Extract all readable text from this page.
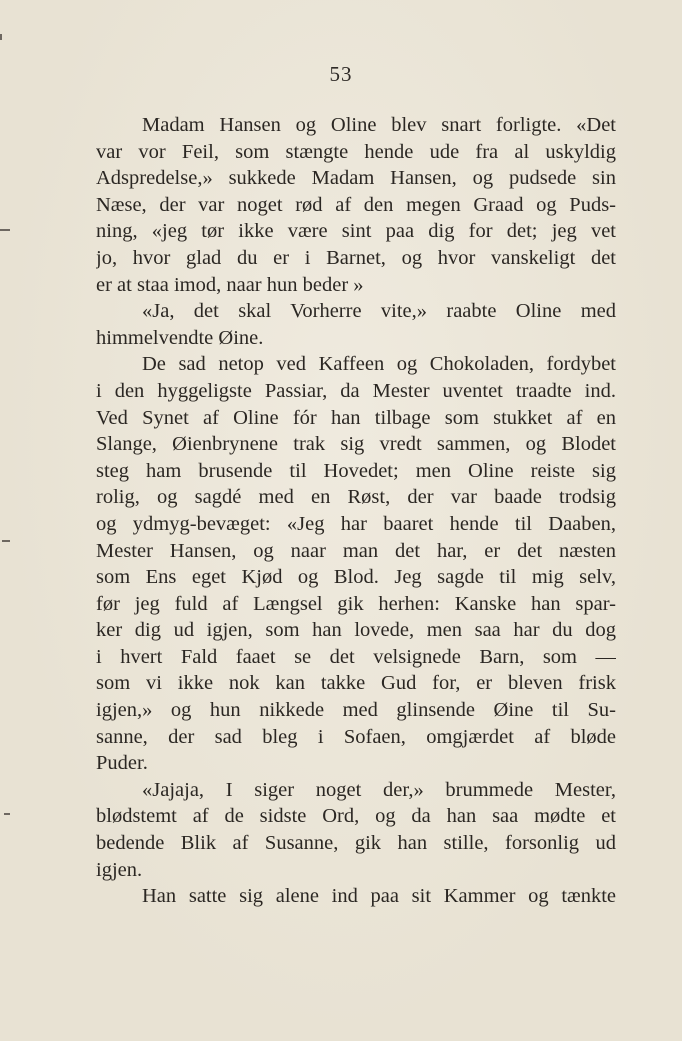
53
Madam Hansen og Oline blev snart forligte. «Det
var vor Feil, som stængte hende ude fra al uskyldig
Adspredelse,» sukkede Madam Hansen, og pudsede sin
Næse, der var noget rød af den megen Graad og Puds-
ning, «jeg tør ikke være sint paa dig for det; jeg vet
jo, hvor glad du er i Barnet, og hvor vanskeligt det
er at staa imod, naar hun beder »
«Ja, det skal Vorherre vite,» raabte Oline med
himmelvendte Øine.
De sad netop ved Kaffeen og Chokoladen, fordybet
i den hyggeligste Passiar, da Mester uventet traadte ind.
Ved Synet af Oline fór han tilbage som stukket af en
Slange, Øienbrynene trak sig vredt sammen, og Blodet
steg ham brusende til Hovedet; men Oline reiste sig
rolig, og sagdé med en Røst, der var baade trodsig
og ydmyg-bevæget: «Jeg har baaret hende til Daaben,
Mester Hansen, og naar man det har, er det næsten
som Ens eget Kjød og Blod. Jeg sagde til mig selv,
før jeg fuld af Længsel gik herhen: Kanske han spar-
ker dig ud igjen, som han lovede, men saa har du dog
i hvert Fald faaet se det velsignede Barn, som —
som vi ikke nok kan takke Gud for, er bleven frisk
igjen,» og hun nikkede med glinsende Øine til Su-
sanne, der sad bleg i Sofaen, omgjærdet af bløde
Puder.
«Jajaja, I siger noget der,» brummede Mester,
blødstemt af de sidste Ord, og da han saa mødte et
bedende Blik af Susanne, gik han stille, forsonlig ud
igjen.
Han satte sig alene ind paa sit Kammer og tænkte
